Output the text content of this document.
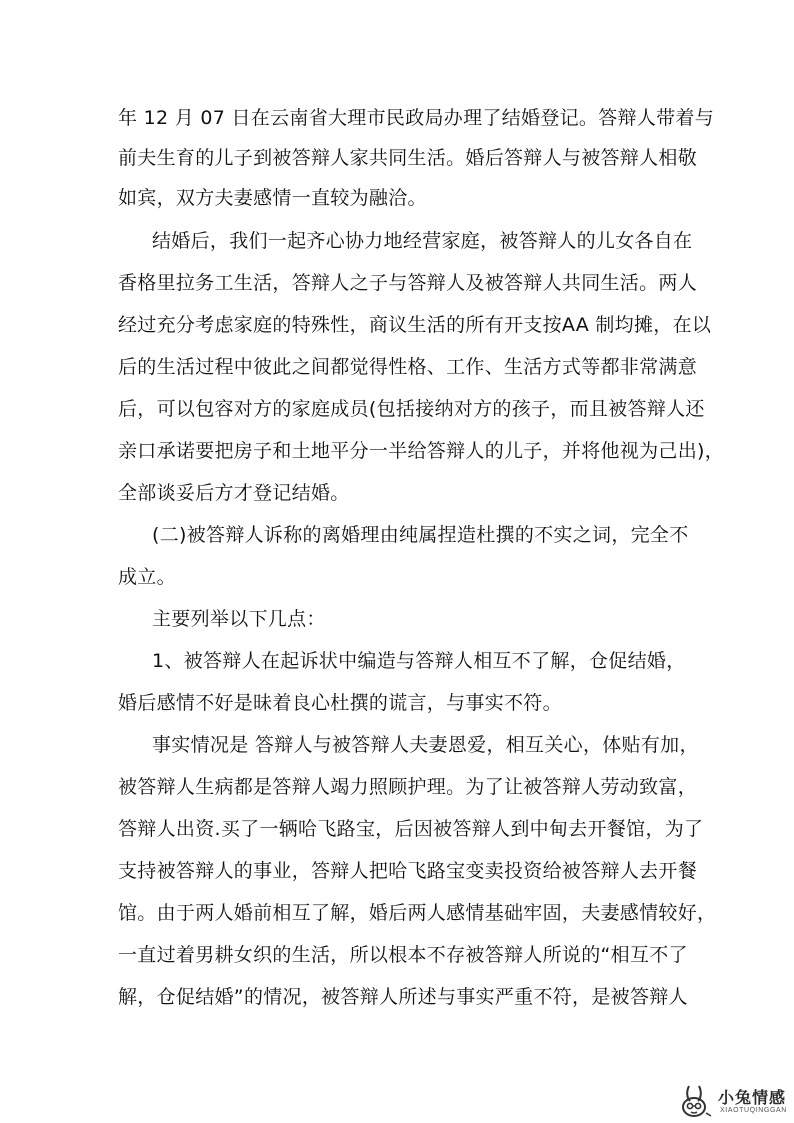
年 12 月 07 日在云南省大理市民政局办理了结婚登记。答辩人带着与
前夫生育的儿子到被答辩人家共同生活。婚后答辩人与被答辩人相敬
如宾，双方夫妻感情一直较为融洽。
结婚后，我们一起齐心协力地经营家庭，被答辩人的儿女各自在
香格里拉务工生活，答辩人之子与答辩人及被答辩人共同生活。两人
经过充分考虑家庭的特殊性，商议生活的所有开支按AA 制均摊，在以
后的生活过程中彼此之间都觉得性格、工作、生活方式等都非常满意
后，可以包容对方的家庭成员(包括接纳对方的孩子，而且被答辩人还
亲口承诺要把房子和土地平分一半给答辩人的儿子，并将他视为己出)，
全部谈妥后方才登记结婚。
(二)被答辩人诉称的离婚理由纯属捏造杜撰的不实之词，完全不
成立。
主要列举以下几点：
1、被答辩人在起诉状中编造与答辩人相互不了解，仓促结婚，
婚后感情不好是昧着良心杜撰的谎言，与事实不符。
事实情况是 答辩人与被答辩人夫妻恩爱，相互关心，体贴有加，
被答辩人生病都是答辩人竭力照顾护理。为了让被答辩人劳动致富，
答辩人出资.买了一辆哈飞路宝，后因被答辩人到中甸去开餐馆，为了
支持被答辩人的事业，答辩人把哈飞路宝变卖投资给被答辩人去开餐
馆。由于两人婚前相互了解，婚后两人感情基础牢固，夫妻感情较好，
一直过着男耕女织的生活，所以根本不存被答辩人所说的“相互不了
解，仓促结婚”的情况，被答辩人所述与事实严重不符，是被答辩人
小兔情感
XIAOTUQINGGAN
